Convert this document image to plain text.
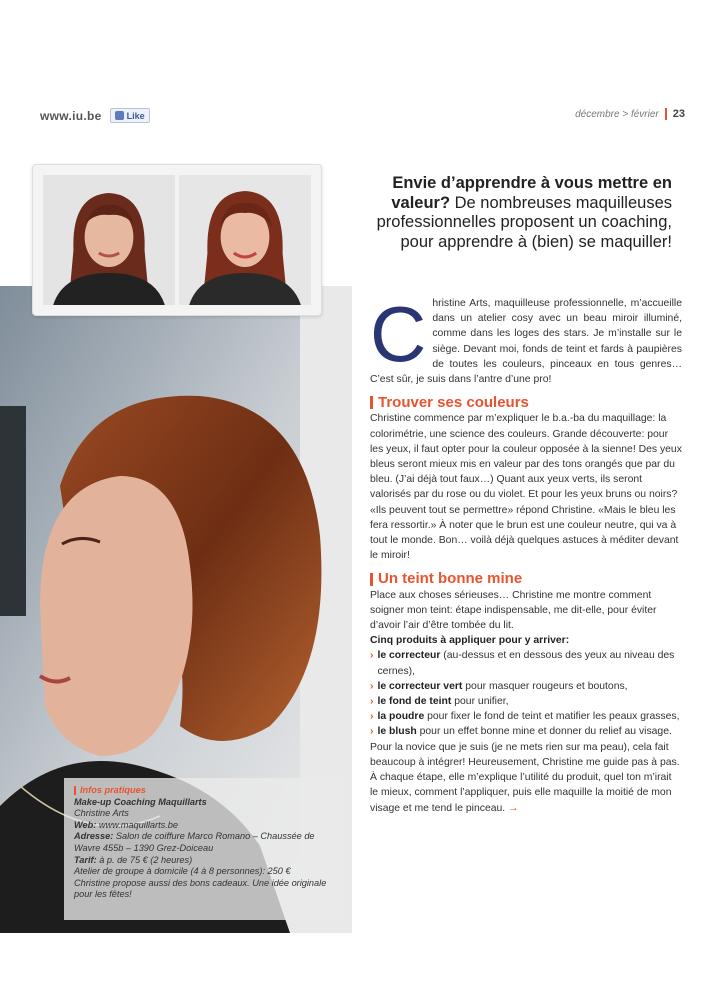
www.iu.be	Like	décembre > février 23
Infos pratiques
Make-up Coaching Maquillarts
Christine Arts
Web: www.maquillarts.be
Adresse: Salon de coiffure Marco Romano – Chaussée de Wavre 455b – 1390 Grez-Doiceau
Tarif: à p. de 75 € (2 heures)
Atelier de groupe à domicile (4 à 8 personnes): 250 €
Christine propose aussi des bons cadeaux. Une idée originale pour les fêtes!
Envie d’apprendre à vous mettre en valeur? De nombreuses maquilleuses professionnelles proposent un coaching, pour apprendre à (bien) se maquiller!
Christine Arts, maquilleuse professionnelle, m’accueille dans un atelier cosy avec un beau miroir illuminé, comme dans les loges des stars. Je m’installe sur le siège. Devant moi, fonds de teint et fards à paupières de toutes les couleurs, pinceaux en tous genres… C’est sûr, je suis dans l’antre d’une pro!
Trouver ses couleurs
Christine commence par m’expliquer le b.a.-ba du maquillage: la colorimétrie, une science des couleurs. Grande découverte: pour les yeux, il faut opter pour la couleur opposée à la sienne! Des yeux bleus seront mieux mis en valeur par des tons orangés que par du bleu. (J’ai déjà tout faux…) Quant aux yeux verts, ils seront valorisés par du rose ou du violet. Et pour les yeux bruns ou noirs? «Ils peuvent tout se permettre» répond Christine. «Mais le bleu les fera ressortir.» À noter que le brun est une couleur neutre, qui va à tout le monde. Bon… voilà déjà quelques astuces à méditer devant le miroir!
Un teint bonne mine
Place aux choses sérieuses… Christine me montre comment soigner mon teint: étape indispensable, me dit-elle, pour éviter d’avoir l’air d’être tombée du lit.
Cinq produits à appliquer pour y arriver:
› le correcteur (au-dessus et en dessous des yeux au niveau des cernes),
› le correcteur vert pour masquer rougeurs et boutons,
› le fond de teint pour unifier,
› la poudre pour fixer le fond de teint et matifier les peaux grasses,
› le blush pour un effet bonne mine et donner du relief au visage.
Pour la novice que je suis (je ne mets rien sur ma peau), cela fait beaucoup à intégrer! Heureusement, Christine me guide pas à pas. À chaque étape, elle m’explique l’utilité du produit, quel ton m’irait le mieux, comment l’appliquer, puis elle maquille la moitié de mon visage et me tend le pinceau. →
